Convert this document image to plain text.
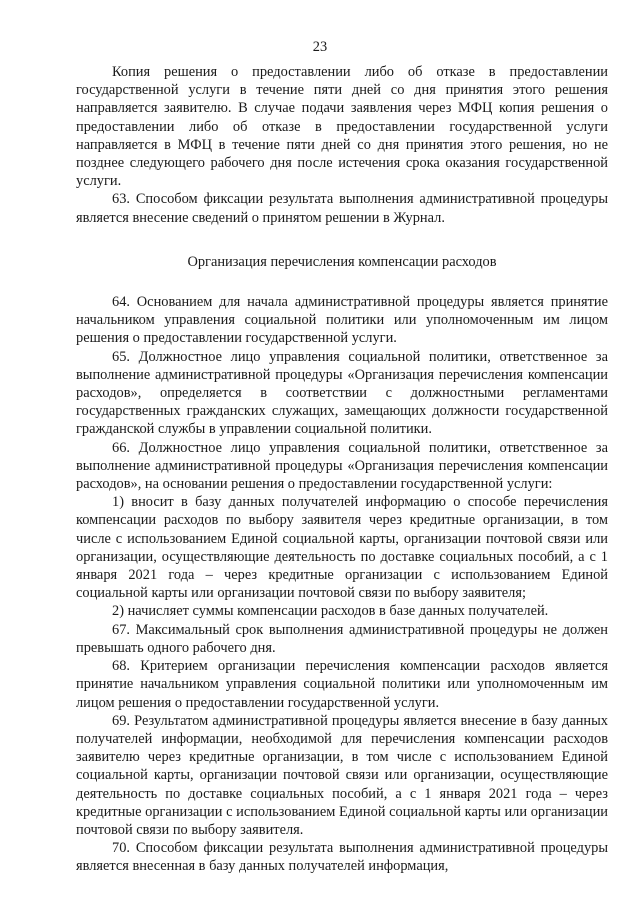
23

Копия решения о предоставлении либо об отказе в предоставлении государственной услуги в течение пяти дней со дня принятия этого решения направляется заявителю. В случае подачи заявления через МФЦ копия решения о предоставлении либо об отказе в предоставлении государственной услуги направляется в МФЦ в течение пяти дней со дня принятия этого решения, но не позднее следующего рабочего дня после истечения срока оказания государственной услуги.

63. Способом фиксации результата выполнения административной процедуры является внесение сведений о принятом решении в Журнал.

Организация перечисления компенсации расходов

64. Основанием для начала административной процедуры является принятие начальником управления социальной политики или уполномоченным им лицом решения о предоставлении государственной услуги.

65. Должностное лицо управления социальной политики, ответственное за выполнение административной процедуры «Организация перечисления компенсации расходов», определяется в соответствии с должностными регламентами государственных гражданских служащих, замещающих должности государственной гражданской службы в управлении социальной политики.

66. Должностное лицо управления социальной политики, ответственное за выполнение административной процедуры «Организация перечисления компенсации расходов», на основании решения о предоставлении государственной услуги:

1) вносит в базу данных получателей информацию о способе перечисления компенсации расходов по выбору заявителя через кредитные организации, в том числе с использованием Единой социальной карты, организации почтовой связи или организации, осуществляющие деятельность по доставке социальных пособий, а с 1 января 2021 года – через кредитные организации с использованием Единой социальной карты или организации почтовой связи по выбору заявителя;

2) начисляет суммы компенсации расходов в базе данных получателей.

67. Максимальный срок выполнения административной процедуры не должен превышать одного рабочего дня.

68. Критерием организации перечисления компенсации расходов является принятие начальником управления социальной политики или уполномоченным им лицом решения о предоставлении государственной услуги.

69. Результатом административной процедуры является внесение в базу данных получателей информации, необходимой для перечисления компенсации расходов заявителю через кредитные организации, в том числе с использованием Единой социальной карты, организации почтовой связи или организации, осуществляющие деятельность по доставке социальных пособий, а с 1 января 2021 года – через кредитные организации с использованием Единой социальной карты или организации почтовой связи по выбору заявителя.

70. Способом фиксации результата выполнения административной процедуры является внесенная в базу данных получателей информация,
